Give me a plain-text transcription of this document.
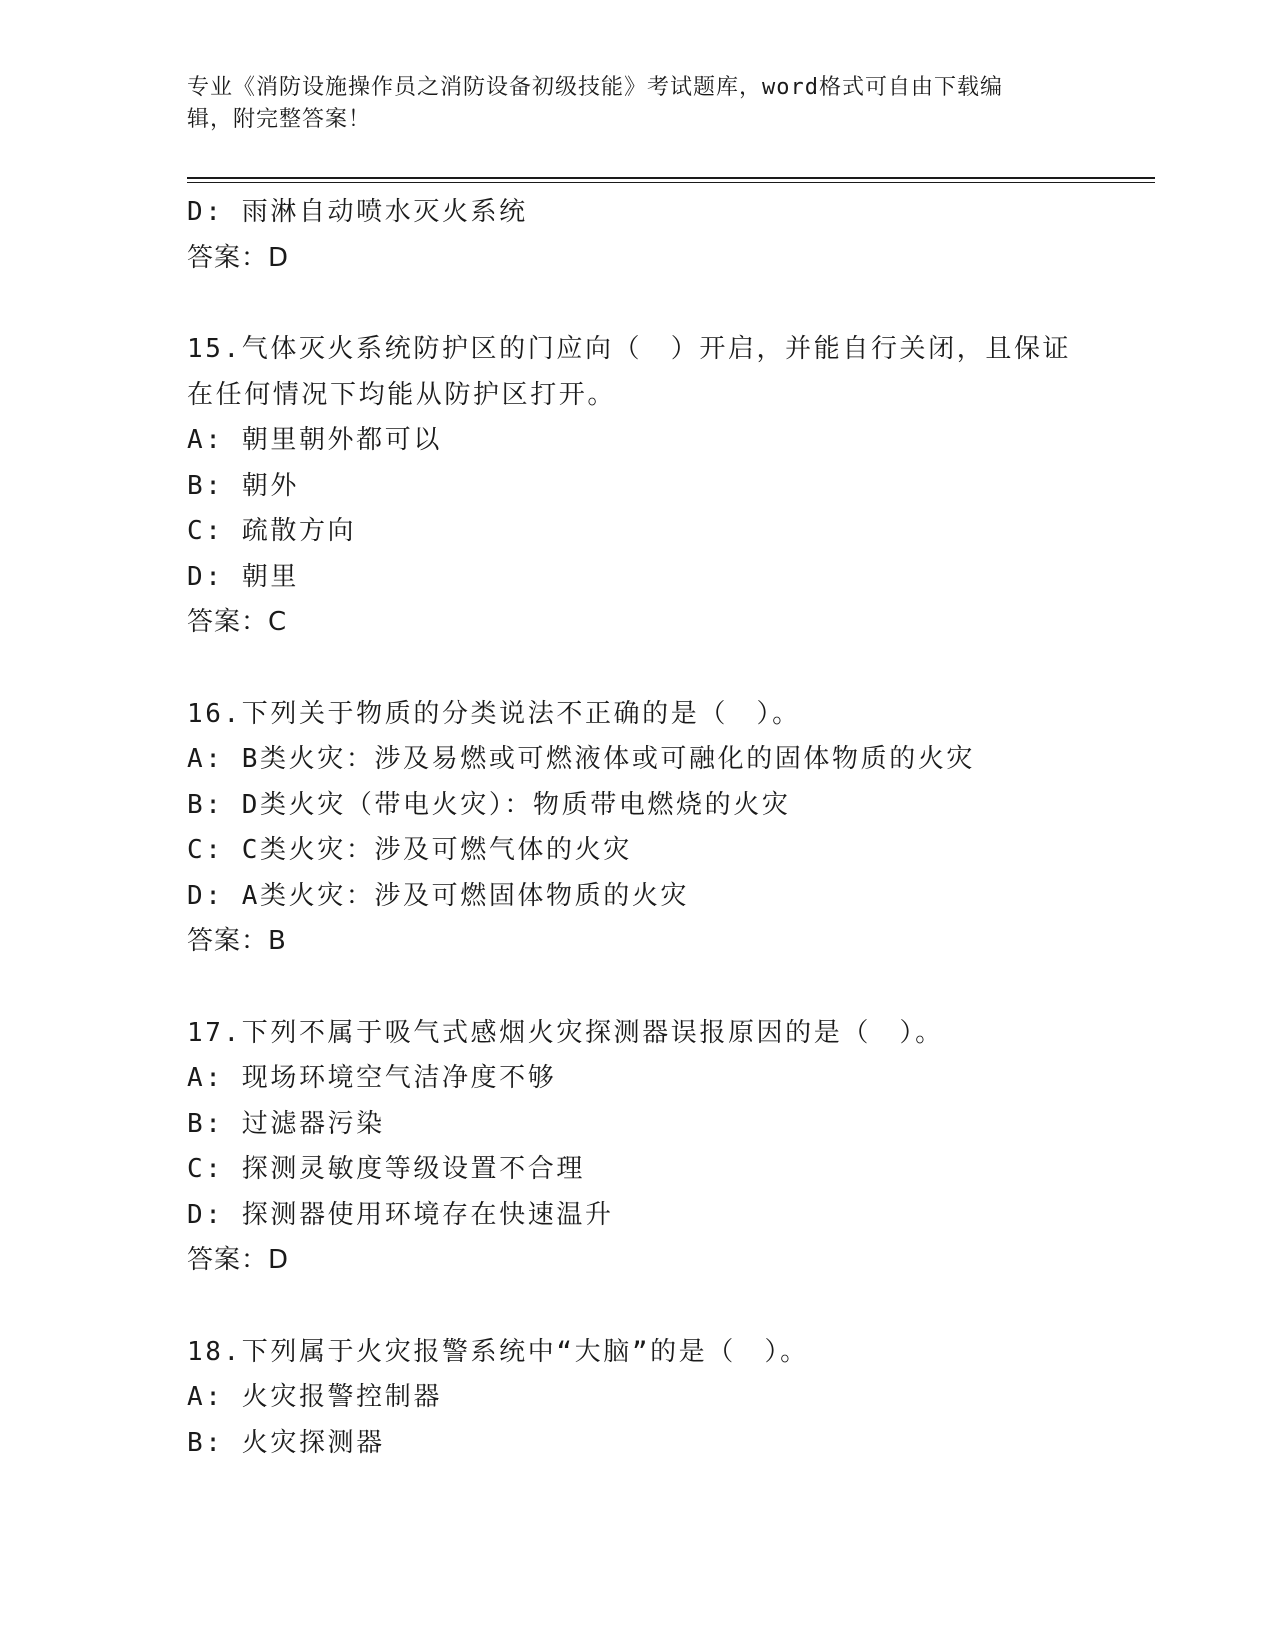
专业《消防设施操作员之消防设备初级技能》考试题库，word格式可自由下载编
辑，附完整答案！
D: 雨淋自动喷水灭火系统
答案：D
15.气体灭火系统防护区的门应向（　）开启，并能自行关闭，且保证
在任何情况下均能从防护区打开。
A: 朝里朝外都可以
B: 朝外
C: 疏散方向
D: 朝里
答案：C
16.下列关于物质的分类说法不正确的是（　）。
A: B类火灾：涉及易燃或可燃液体或可融化的固体物质的火灾
B: D类火灾（带电火灾）：物质带电燃烧的火灾
C: C类火灾：涉及可燃气体的火灾
D: A类火灾：涉及可燃固体物质的火灾
答案：B
17.下列不属于吸气式感烟火灾探测器误报原因的是（　）。
A: 现场环境空气洁净度不够
B: 过滤器污染
C: 探测灵敏度等级设置不合理
D: 探测器使用环境存在快速温升
答案：D
18.下列属于火灾报警系统中“大脑”的是（　）。
A: 火灾报警控制器
B: 火灾探测器
